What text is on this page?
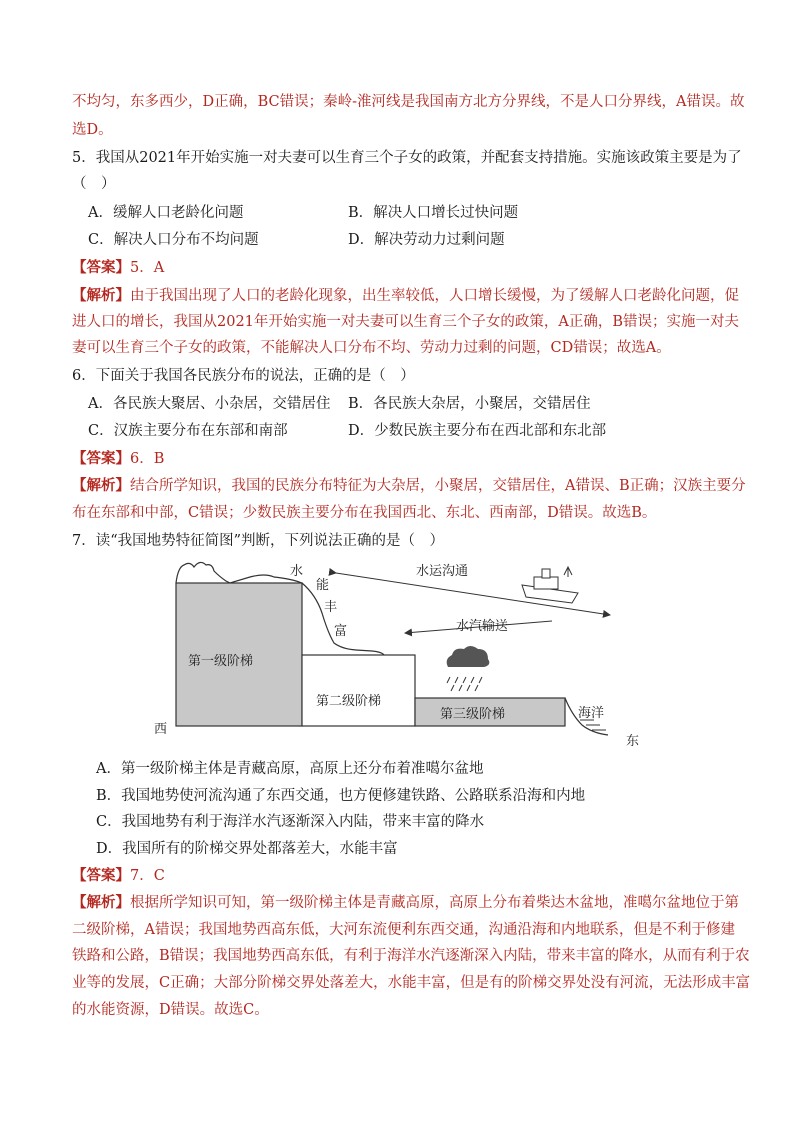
不均匀，东多西少，D正确，BC错误；秦岭-淮河线是我国南方北方分界线，不是人口分界线，A错误。故
选D。
5．我国从2021年开始实施一对夫妻可以生育三个子女的政策，并配套支持措施。实施该政策主要是为了
（　）
A．缓解人口老龄化问题	B．解决人口增长过快问题
C．解决人口分布不均问题	D．解决劳动力过剩问题
【答案】5．A
【解析】由于我国出现了人口的老龄化现象，出生率较低，人口增长缓慢，为了缓解人口老龄化问题，促
进人口的增长，我国从2021年开始实施一对夫妻可以生育三个子女的政策，A正确，B错误；实施一对夫
妻可以生育三个子女的政策，不能解决人口分布不均、劳动力过剩的问题，CD错误；故选A。
6．下面关于我国各民族分布的说法，正确的是（　）
A．各民族大聚居、小杂居，交错居住 B．各民族大杂居，小聚居，交错居住
C．汉族主要分布在东部和南部	D．少数民族主要分布在西北部和东北部
【答案】6．B
【解析】结合所学知识，我国的民族分布特征为大杂居，小聚居，交错居住，A错误、B正确；汉族主要分
布在东部和中部，C错误；少数民族主要分布在我国西北、东北、西南部，D错误。故选B。
7．读“我国地势特征简图”判断，下列说法正确的是（　）
第一级阶梯
第二级阶梯
第三级阶梯	海洋
西
东
水
能
丰
富
水运沟通
水汽输送
A．第一级阶梯主体是青藏高原，高原上还分布着准噶尔盆地
B．我国地势使河流沟通了东西交通，也方便修建铁路、公路联系沿海和内地
C．我国地势有利于海洋水汽逐渐深入内陆，带来丰富的降水
D．我国所有的阶梯交界处都落差大，水能丰富
【答案】7．C
【解析】根据所学知识可知，第一级阶梯主体是青藏高原，高原上分布着柴达木盆地，准噶尔盆地位于第
二级阶梯，A错误；我国地势西高东低，大河东流便利东西交通，沟通沿海和内地联系，但是不利于修建
铁路和公路，B错误；我国地势西高东低，有利于海洋水汽逐渐深入内陆，带来丰富的降水，从而有利于农
业等的发展，C正确；大部分阶梯交界处落差大，水能丰富，但是有的阶梯交界处没有河流，无法形成丰富
的水能资源，D错误。故选C。
